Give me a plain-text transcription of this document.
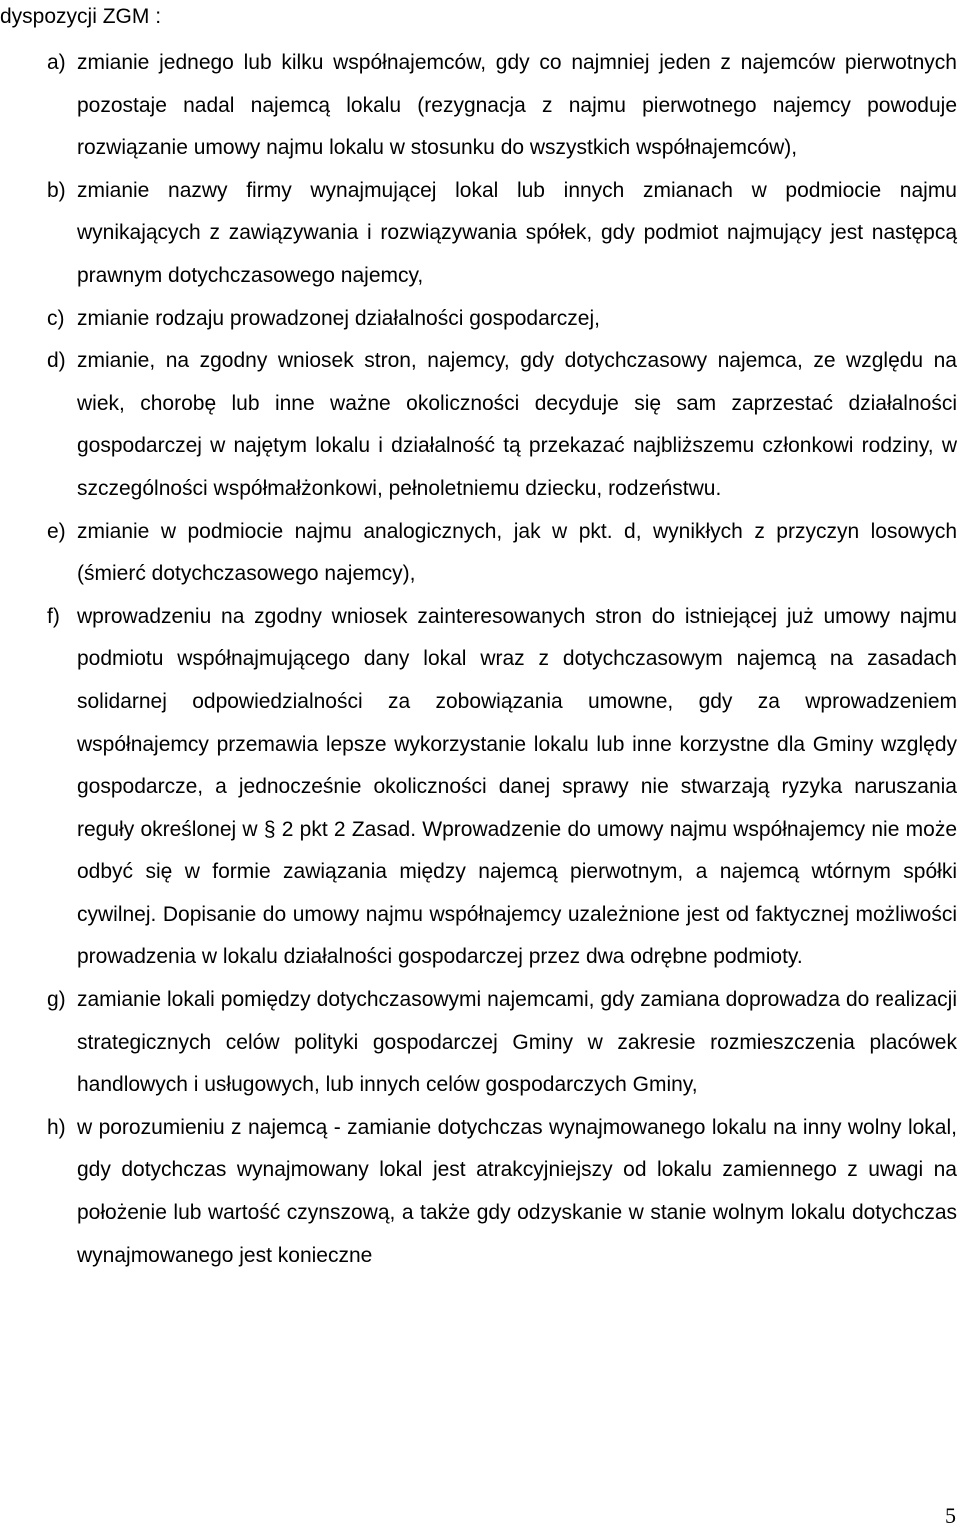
dyspozycji ZGM :

a) zmianie jednego lub kilku współnajemców, gdy co najmniej jeden z najemców pierwotnych pozostaje nadal najemcą lokalu (rezygnacja z najmu pierwotnego najemcy powoduje rozwiązanie umowy najmu lokalu w stosunku do wszystkich współnajemców),
b) zmianie nazwy firmy wynajmującej lokal lub innych zmianach w podmiocie najmu wynikających z zawiązywania i rozwiązywania spółek, gdy podmiot najmujący jest następcą prawnym dotychczasowego najemcy,
c) zmianie rodzaju prowadzonej działalności gospodarczej,
d) zmianie, na zgodny wniosek stron, najemcy, gdy dotychczasowy najemca, ze względu na wiek, chorobę lub inne ważne okoliczności decyduje się sam zaprzestać działalności gospodarczej w najętym lokalu i działalność tą przekazać najbliższemu członkowi rodziny, w szczególności współmałżonkowi, pełnoletniemu dziecku, rodzeństwu.
e) zmianie w podmiocie najmu analogicznych, jak w pkt. d, wynikłych z przyczyn losowych (śmierć dotychczasowego najemcy),
f) wprowadzeniu na zgodny wniosek zainteresowanych stron do istniejącej już umowy najmu podmiotu współnajmującego dany lokal wraz z dotychczasowym najemcą na zasadach solidarnej odpowiedzialności za zobowiązania umowne, gdy za wprowadzeniem współnajemcy przemawia lepsze wykorzystanie lokalu lub inne korzystne dla Gminy względy gospodarcze, a jednocześnie okoliczności danej sprawy nie stwarzają ryzyka naruszania reguły określonej w § 2 pkt 2 Zasad. Wprowadzenie do umowy najmu współnajemcy nie może odbyć się w formie zawiązania między najemcą pierwotnym, a najemcą wtórnym spółki cywilnej. Dopisanie do umowy najmu współnajemcy uzależnione jest od faktycznej możliwości prowadzenia w lokalu działalności gospodarczej przez dwa odrębne podmioty.
g) zamianie lokali pomiędzy dotychczasowymi najemcami, gdy zamiana doprowadza do realizacji strategicznych celów polityki gospodarczej Gminy w zakresie rozmieszczenia placówek handlowych i usługowych, lub innych celów gospodarczych Gminy,
h) w porozumieniu z najemcą - zamianie dotychczas wynajmowanego lokalu na inny wolny lokal, gdy dotychczas wynajmowany lokal jest atrakcyjniejszy od lokalu zamiennego z uwagi na położenie lub wartość czynszową, a także gdy odzyskanie w stanie wolnym lokalu dotychczas wynajmowanego jest konieczne
5
